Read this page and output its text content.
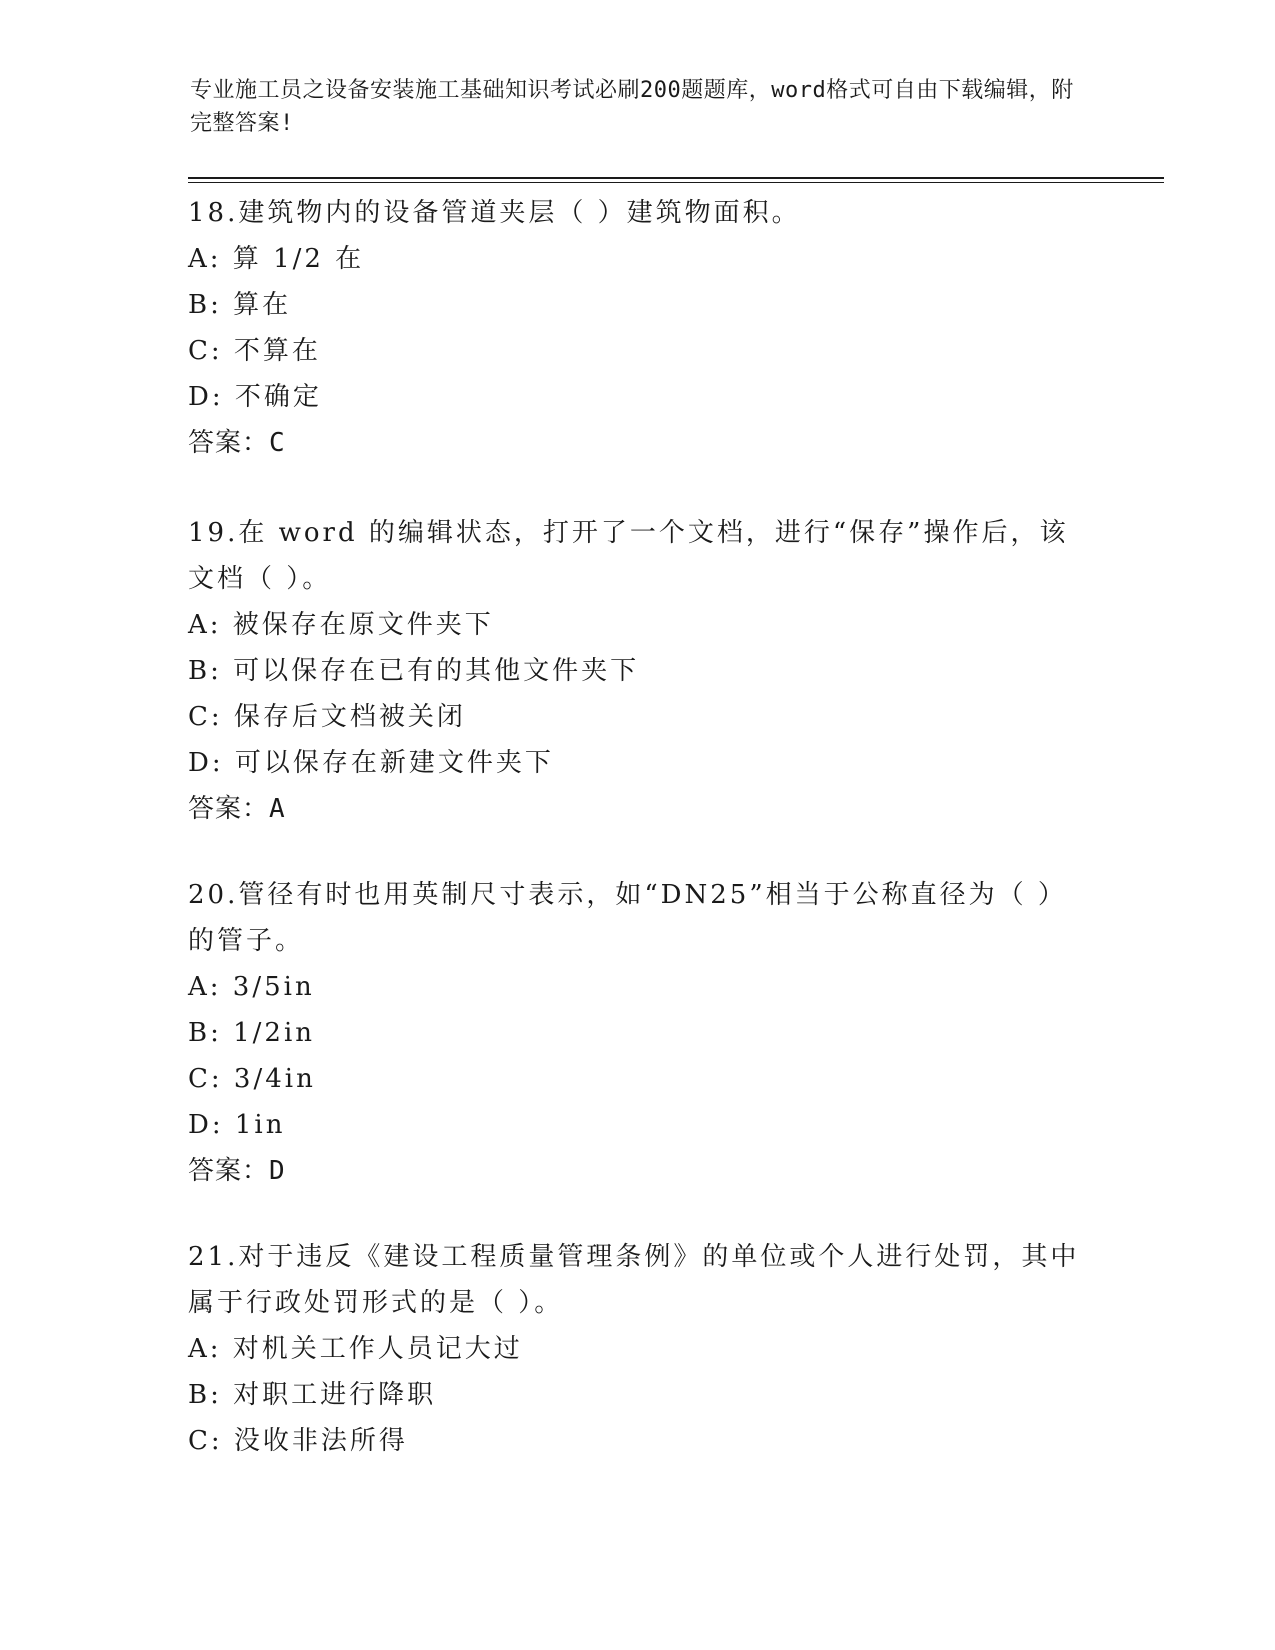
专业施工员之设备安装施工基础知识考试必刷200题题库，word格式可自由下载编辑，附完整答案!

18.建筑物内的设备管道夹层（ ）建筑物面积。

A: 算 1/2 在

B: 算在

C: 不算在

D: 不确定

答案：C

19.在 word 的编辑状态，打开了一个文档，进行“保存”操作后，该文档（ ）。

A: 被保存在原文件夹下

B: 可以保存在已有的其他文件夹下

C: 保存后文档被关闭

D: 可以保存在新建文件夹下

答案：A

20.管径有时也用英制尺寸表示，如“DN25”相当于公称直径为（ ）的管子。

A: 3/5in

B: 1/2in

C: 3/4in

D: 1in

答案：D

21.对于违反《建设工程质量管理条例》的单位或个人进行处罚，其中属于行政处罚形式的是（ ）。

A: 对机关工作人员记大过

B: 对职工进行降职

C: 没收非法所得
